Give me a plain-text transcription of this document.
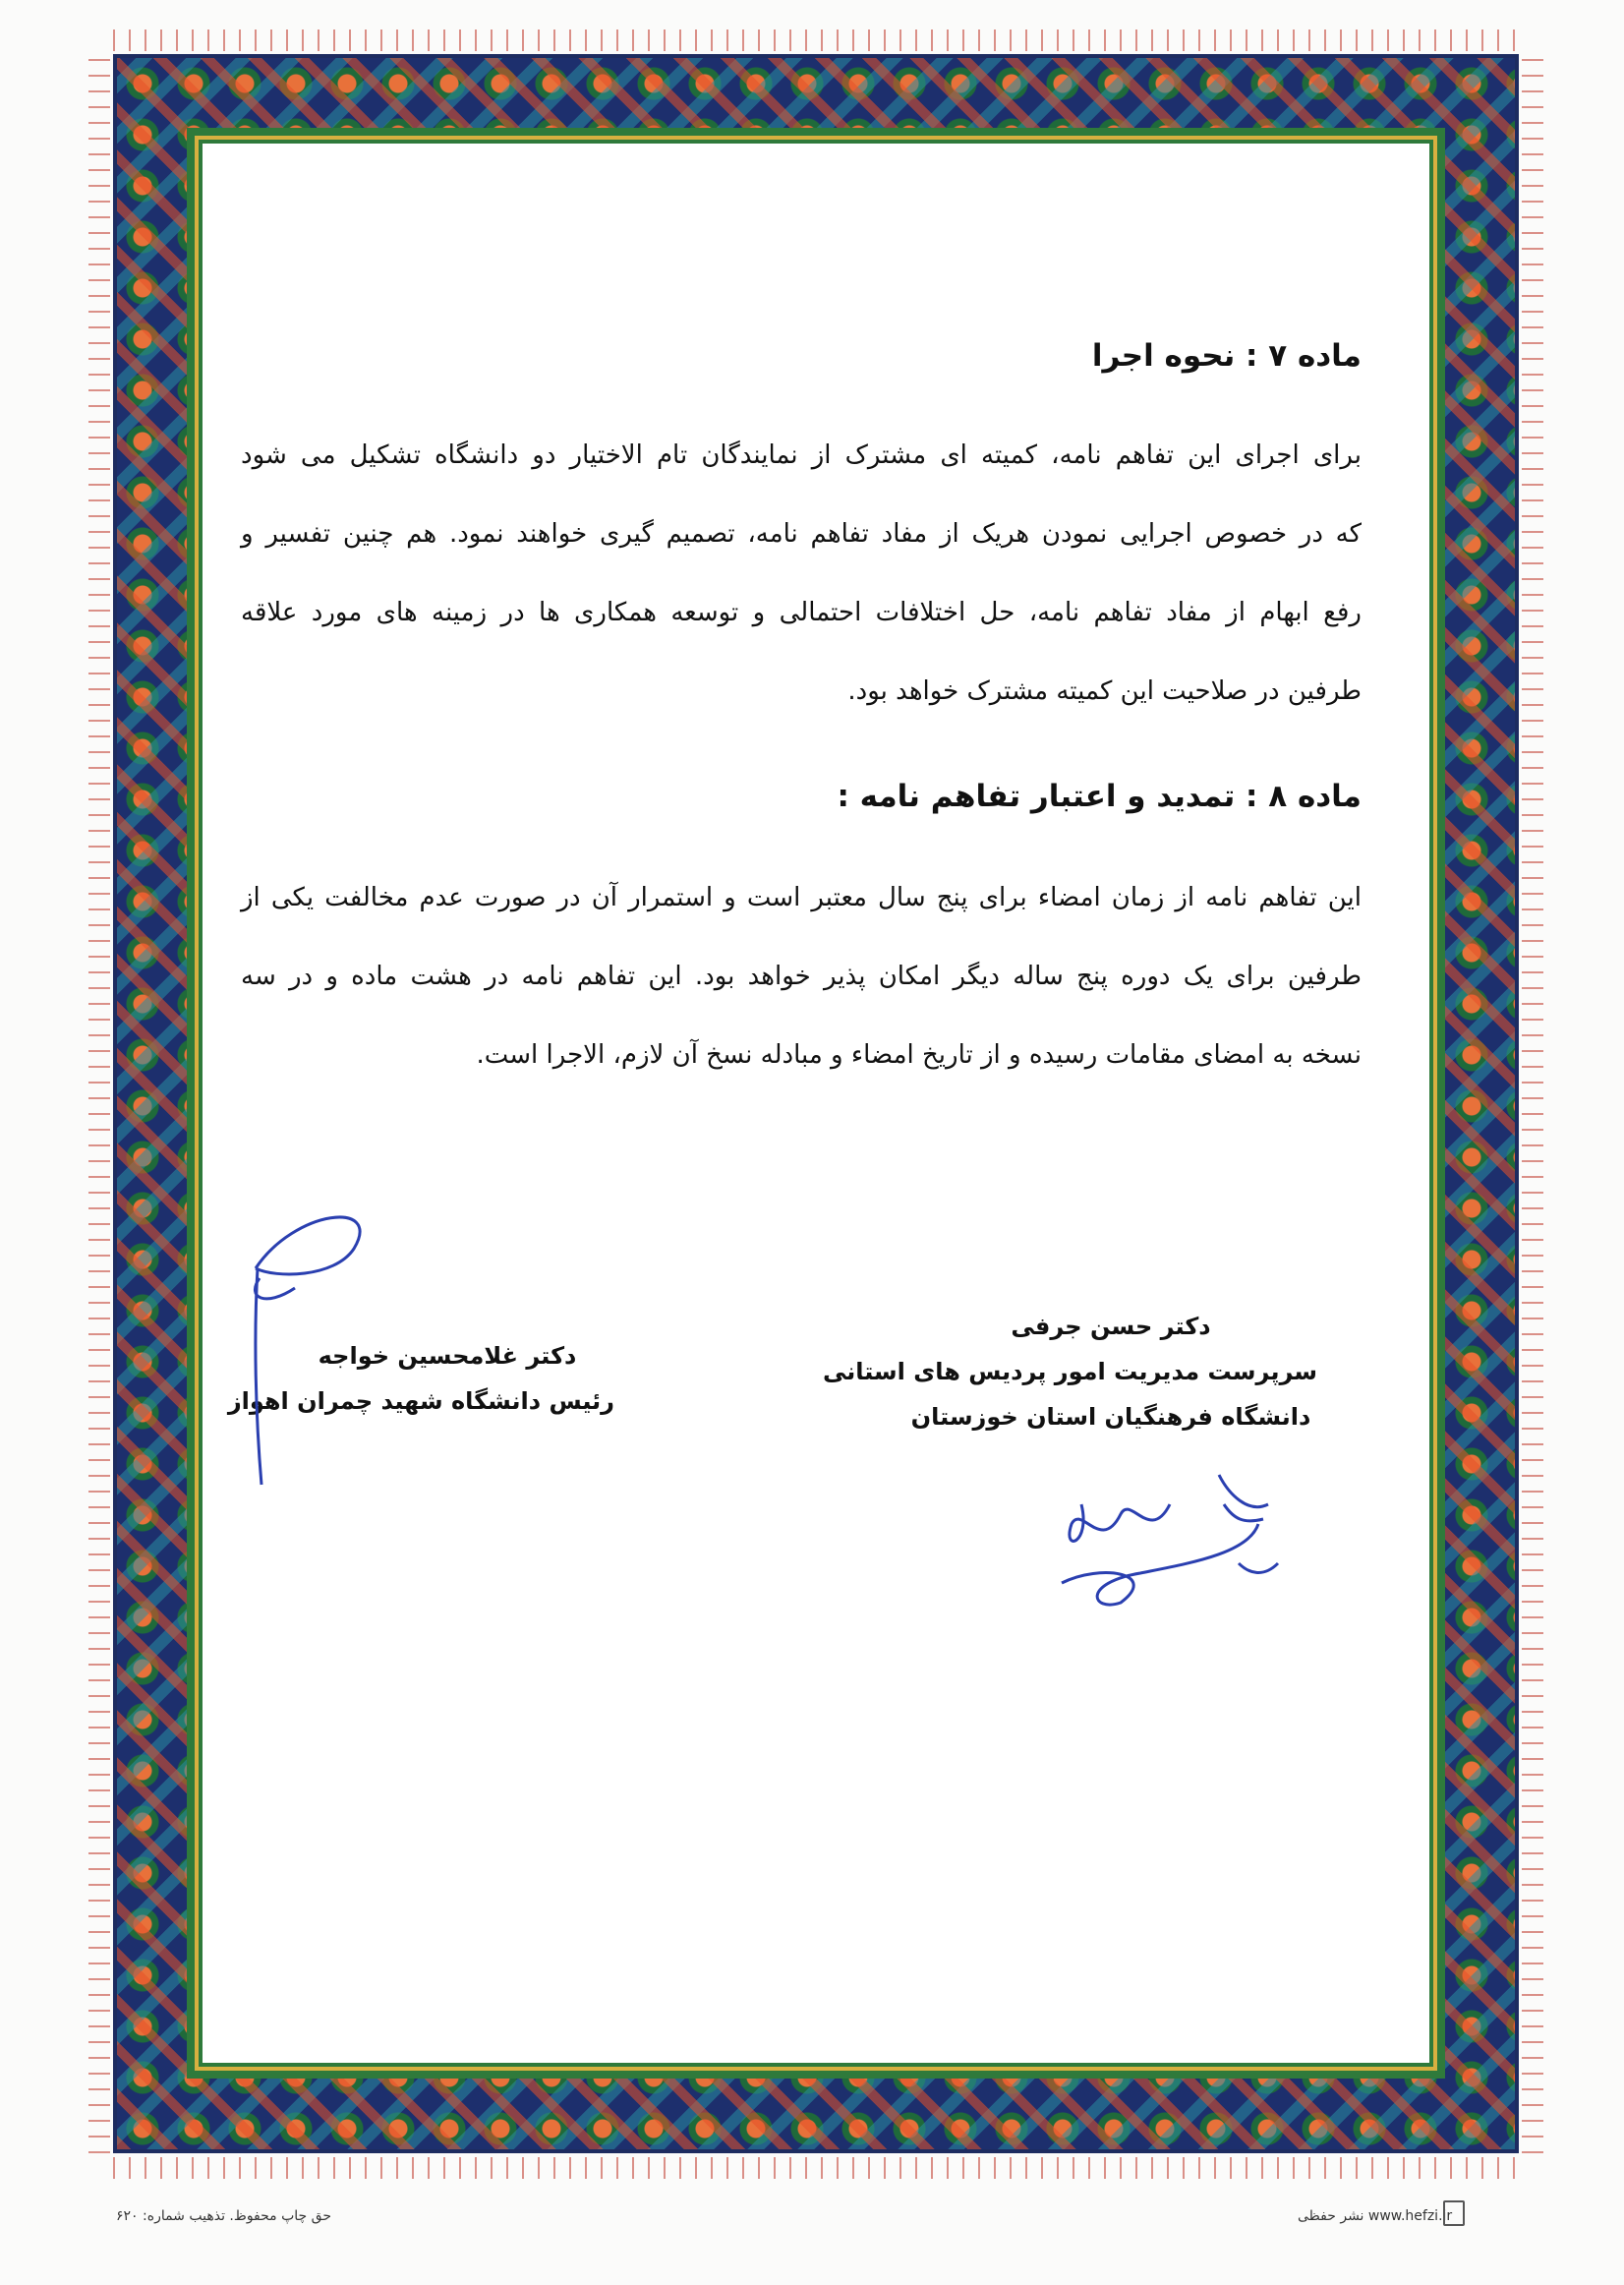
ماده ۷ : نحوه اجرا
برای اجرای این تفاهم نامه، کمیته ای مشترک از نمایندگان تام الاختیار دو دانشگاه تشکیل می شود
که در خصوص اجرایی نمودن هریک از مفاد تفاهم نامه، تصمیم گیری خواهند نمود. هم چنین تفسیر و
رفع ابهام از مفاد تفاهم نامه، حل اختلافات احتمالی و توسعه همکاری ها در زمینه های مورد علاقه
طرفین در صلاحیت این کمیته مشترک خواهد بود.
ماده ۸ : تمدید و اعتبار تفاهم نامه :
این تفاهم نامه از زمان امضاء برای پنج سال معتبر است و استمرار آن در صورت عدم مخالفت یکی از
طرفین برای یک دوره پنج ساله دیگر امکان پذیر خواهد بود. این تفاهم نامه در هشت ماده و در سه
نسخه به امضای مقامات رسیده و از تاریخ امضاء و مبادله نسخ آن لازم، الاجرا است.
دکتر غلامحسین خواجه
رئیس دانشگاه شهید چمران اهواز
دکتر حسن جرفی
سرپرست مدیریت امور پردیس های استانی
دانشگاه فرهنگیان استان خوزستان
حق چاپ محفوظ. تذهیب شماره: ۶۲۰	www.hefzi.ir نشر حفظی
